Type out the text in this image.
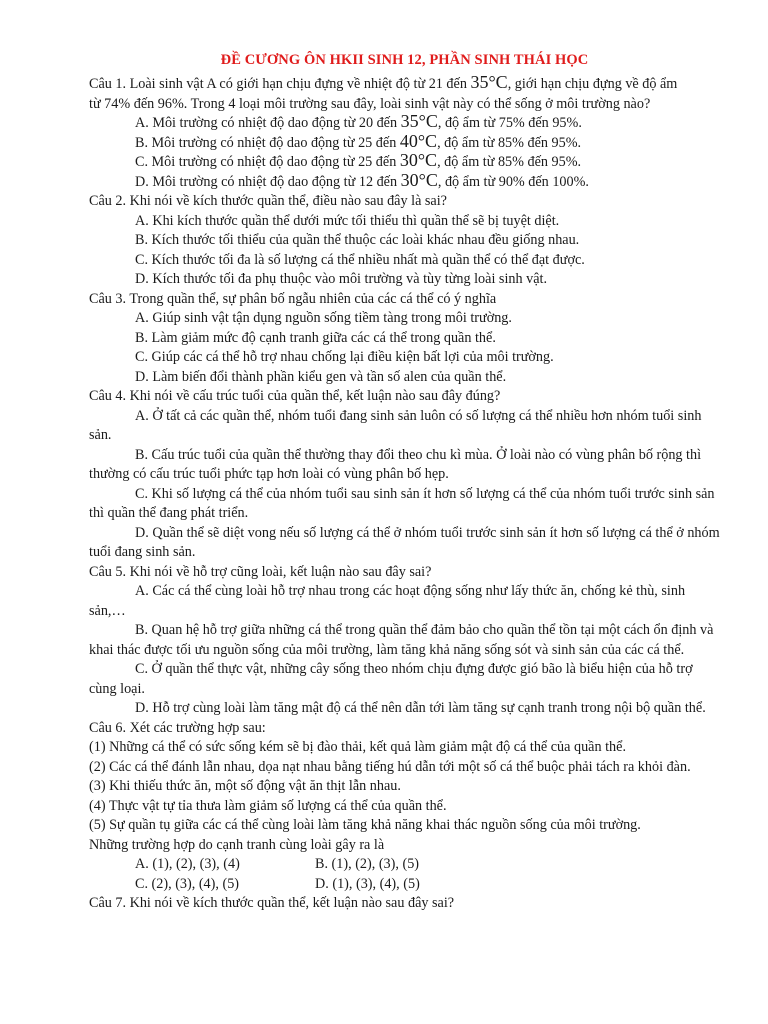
ĐỀ CƯƠNG ÔN HKII SINH 12, PHẦN SINH THÁI HỌC
Câu 1. Loài sinh vật A có giới hạn chịu đựng về nhiệt độ từ 21 đến 35°C, giới hạn chịu đựng về độ ẩm
từ 74% đến 96%. Trong 4 loại môi trường sau đây, loài sinh vật này có thể sống ở môi trường nào?
A. Môi trường có nhiệt độ dao động từ 20 đến 35°C, độ ẩm từ 75% đến 95%.
B. Môi trường có nhiệt độ dao động từ 25 đến 40°C, độ ẩm từ 85% đến 95%.
C. Môi trường có nhiệt độ dao động từ 25 đến 30°C, độ ẩm từ 85% đến 95%.
D. Môi trường có nhiệt độ dao động từ 12 đến 30°C, độ ẩm từ 90% đến 100%.
Câu 2. Khi nói về kích thước quần thể, điều nào sau đây là sai?
A. Khi kích thước quần thể dưới mức tối thiểu thì quần thể sẽ bị tuyệt diệt.
B. Kích thước tối thiểu của quần thể thuộc các loài khác nhau đều giống nhau.
C. Kích thước tối đa là số lượng cá thể nhiều nhất mà quần thể có thể đạt được.
D. Kích thước tối đa phụ thuộc vào môi trường và tùy từng loài sinh vật.
Câu 3. Trong quần thể, sự phân bố ngẫu nhiên của các cá thể có ý nghĩa
A. Giúp sinh vật tận dụng nguồn sống tiềm tàng trong môi trường.
B. Làm giảm mức độ cạnh tranh giữa các cá thể trong quần thể.
C. Giúp các cá thể hỗ trợ nhau chống lại điều kiện bất lợi của môi trường.
D. Làm biến đổi thành phần kiểu gen và tần số alen của quần thể.
Câu 4. Khi nói về cấu trúc tuổi của quần thể, kết luận nào sau đây đúng?
A. Ở tất cả các quần thể, nhóm tuổi đang sinh sản luôn có số lượng cá thể nhiều hơn nhóm tuổi sinh sản.
B. Cấu trúc tuổi của quần thể thường thay đổi theo chu kì mùa. Ở loài nào có vùng phân bố rộng thì thường có cấu trúc tuổi phức tạp hơn loài có vùng phân bố hẹp.
C. Khi số lượng cá thể của nhóm tuổi sau sinh sản ít hơn số lượng cá thể của nhóm tuổi trước sinh sản thì quần thể đang phát triển.
D. Quần thể sẽ diệt vong nếu số lượng cá thể ở nhóm tuổi trước sinh sản ít hơn số lượng cá thể ở nhóm tuổi đang sinh sản.
Câu 5. Khi nói về hỗ trợ cũng loài, kết luận nào sau đây sai?
A. Các cá thể cùng loài hỗ trợ nhau trong các hoạt động sống như lấy thức ăn, chống kẻ thù, sinh sản,…
B. Quan hệ hỗ trợ giữa những cá thể trong quần thể đảm bảo cho quần thể tồn tại một cách ổn định và khai thác được tối ưu nguồn sống của môi trường, làm tăng khả năng sống sót và sinh sản của các cá thể.
C. Ở quần thể thực vật, những cây sống theo nhóm chịu đựng được gió bão là biểu hiện của hỗ trợ cùng loại.
D. Hỗ trợ cùng loài làm tăng mật độ cá thể nên dẫn tới làm tăng sự cạnh tranh trong nội bộ quần thể.
Câu 6. Xét các trường hợp sau:
(1) Những cá thể có sức sống kém sẽ bị đào thải, kết quả làm giảm mật độ cá thể của quần thể.
(2) Các cá thể đánh lẫn nhau, dọa nạt nhau bằng tiếng hú dẫn tới một số cá thể buộc phải tách ra khỏi đàn.
(3) Khi thiếu thức ăn, một số động vật ăn thịt lẫn nhau.
(4) Thực vật tự tỉa thưa làm giảm số lượng cá thể của quần thể.
(5) Sự quần tụ giữa các cá thể cùng loài làm tăng khả năng khai thác nguồn sống của môi trường.
Những trường hợp do cạnh tranh cùng loài gây ra là
A. (1), (2), (3), (4)	B. (1), (2), (3), (5)
C. (2), (3), (4), (5)	D. (1), (3), (4), (5)
Câu 7. Khi nói về kích thước quần thể, kết luận nào sau đây sai?
